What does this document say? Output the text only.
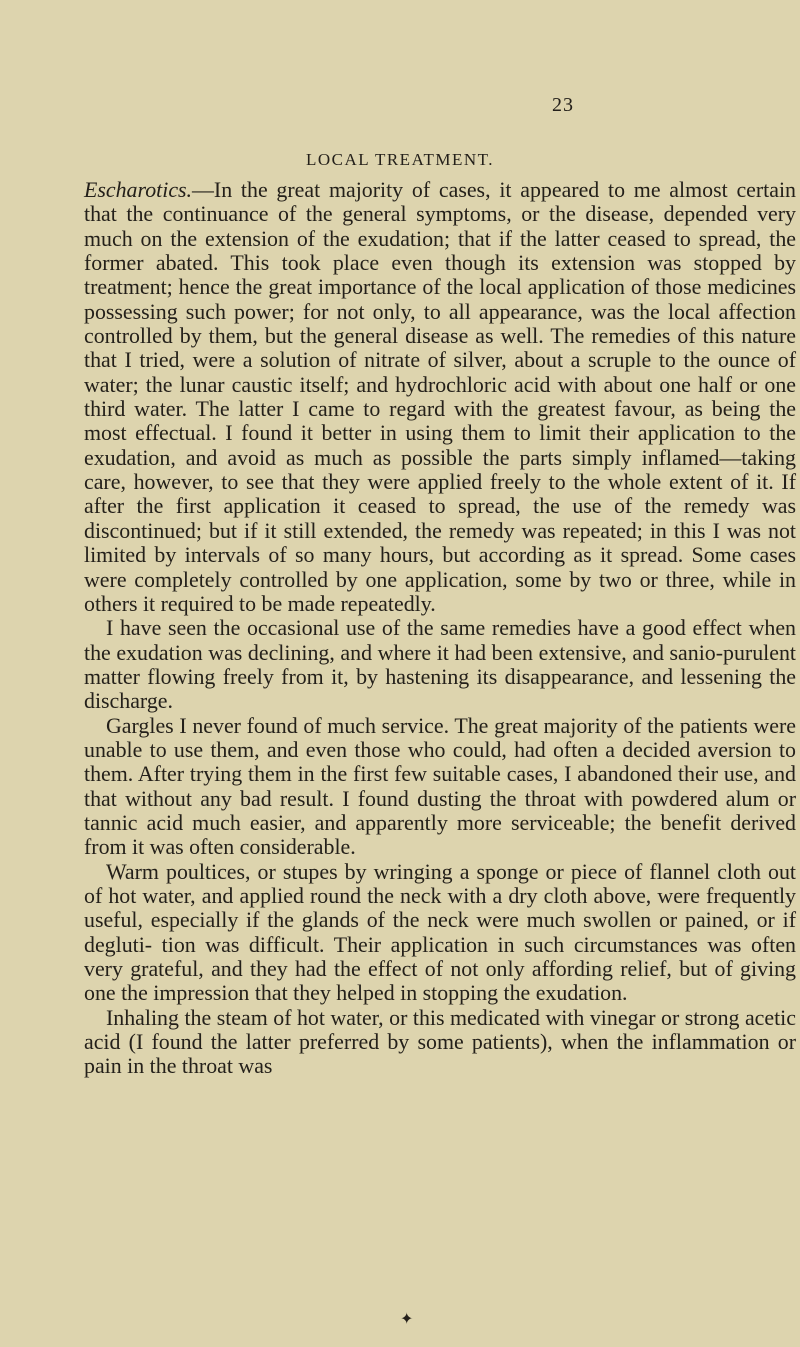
23
LOCAL TREATMENT.

Escharotics.—In the great majority of cases, it appeared to me almost certain that the continuance of the general symptoms, or the disease, depended very much on the extension of the exudation; that if the latter ceased to spread, the former abated. This took place even though its extension was stopped by treatment; hence the great importance of the local application of those medicines possessing such power; for not only, to all appearance, was the local affection controlled by them, but the general disease as well. The remedies of this nature that I tried, were a solution of nitrate of silver, about a scruple to the ounce of water; the lunar caustic itself; and hydrochloric acid with about one half or one third water. The latter I came to regard with the greatest favour, as being the most effectual. I found it better in using them to limit their application to the exudation, and avoid as much as possible the parts simply inflamed—taking care, however, to see that they were applied freely to the whole extent of it. If after the first application it ceased to spread, the use of the remedy was discontinued; but if it still extended, the remedy was repeated; in this I was not limited by intervals of so many hours, but according as it spread. Some cases were completely controlled by one application, some by two or three, while in others it required to be made repeatedly.

I have seen the occasional use of the same remedies have a good effect when the exudation was declining, and where it had been extensive, and sanio-purulent matter flowing freely from it, by hastening its disappearance, and lessening the discharge.

Gargles I never found of much service. The great majority of the patients were unable to use them, and even those who could, had often a decided aversion to them. After trying them in the first few suitable cases, I abandoned their use, and that without any bad result. I found dusting the throat with powdered alum or tannic acid much easier, and apparently more serviceable; the benefit derived from it was often considerable.

Warm poultices, or stupes by wringing a sponge or piece of flannel cloth out of hot water, and applied round the neck with a dry cloth above, were frequently useful, especially if the glands of the neck were much swollen or pained, or if degluti- tion was difficult. Their application in such circumstances was often very grateful, and they had the effect of not only affording relief, but of giving one the impression that they helped in stopping the exudation.

Inhaling the steam of hot water, or this medicated with vinegar or strong acetic acid (I found the latter preferred by some patients), when the inflammation or pain in the throat was

✦
